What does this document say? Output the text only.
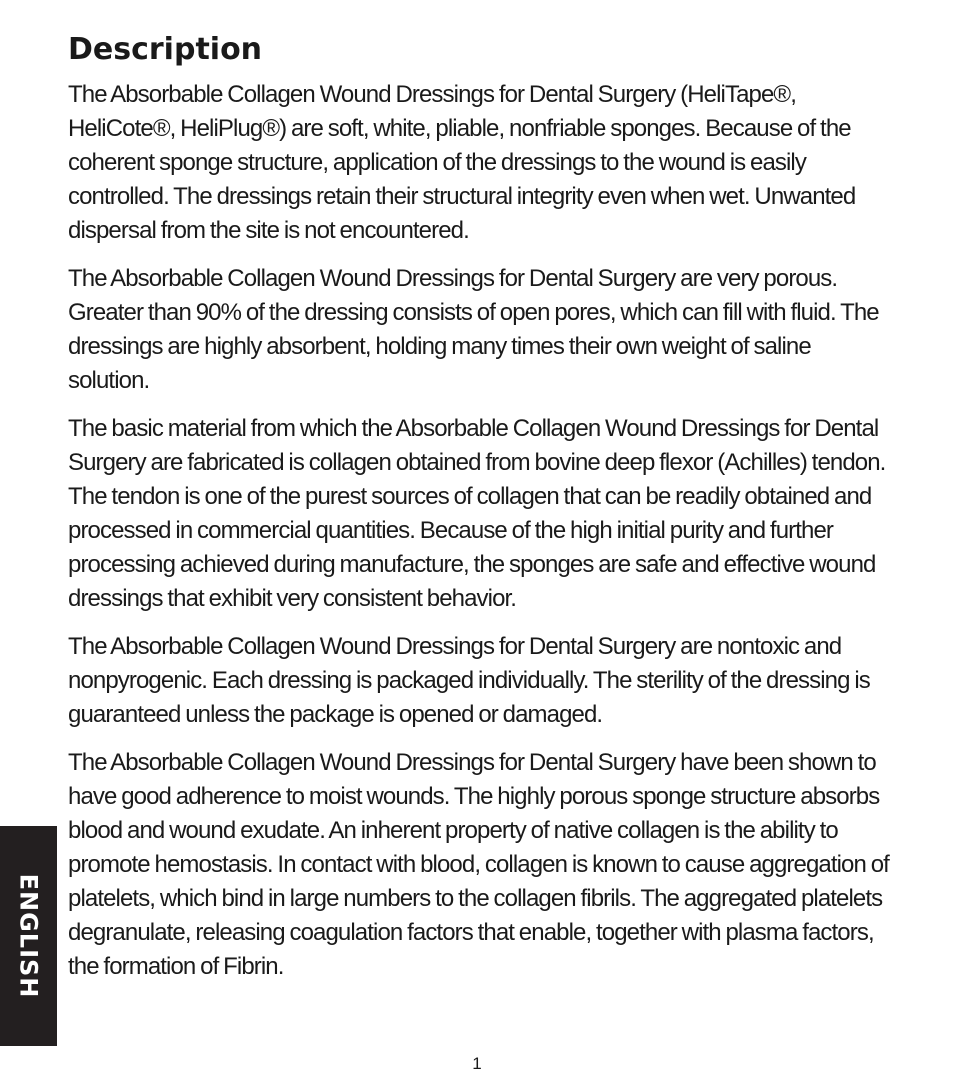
Description

The Absorbable Collagen Wound Dressings for Dental Surgery (HeliTape®, HeliCote®, HeliPlug®) are soft, white, pliable, nonfriable sponges. Because of the coherent sponge structure, application of the dressings to the wound is easily controlled. The dressings retain their structural integrity even when wet. Unwanted dispersal from the site is not encountered.

The Absorbable Collagen Wound Dressings for Dental Surgery are very porous. Greater than 90% of the dressing consists of open pores, which can fill with fluid. The dressings are highly absorbent, holding many times their own weight of saline solution.

The basic material from which the Absorbable Collagen Wound Dressings for Dental Surgery are fabricated is collagen obtained from bovine deep flexor (Achilles) tendon. The tendon is one of the purest sources of collagen that can be readily obtained and processed in commercial quantities. Because of the high initial purity and further processing achieved during manufacture, the sponges are safe and effective wound dressings that exhibit very consistent behavior.

The Absorbable Collagen Wound Dressings for Dental Surgery are nontoxic and nonpyrogenic. Each dressing is packaged individually. The sterility of the dressing is guaranteed unless the package is opened or damaged.

The Absorbable Collagen Wound Dressings for Dental Surgery have been shown to have good adherence to moist wounds. The highly porous sponge structure absorbs blood and wound exudate. An inherent property of native collagen is the ability to promote hemostasis. In contact with blood, collagen is known to cause aggregation of platelets, which bind in large numbers to the collagen fibrils. The aggregated platelets degranulate, releasing coagulation factors that enable, together with plasma factors, the formation of Fibrin.

ENGLISH
1
